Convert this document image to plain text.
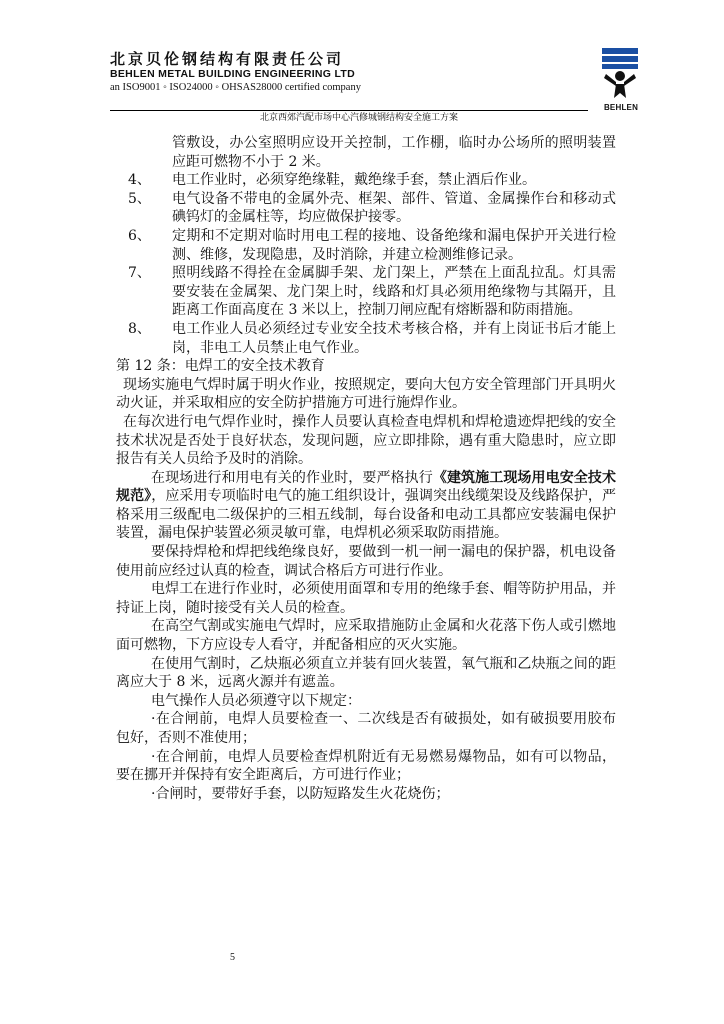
北京贝伦钢结构有限责任公司
BEHLEN METAL BUILDING ENGINEERING LTD
an ISO9001 ◦ ISO24000 ◦ OHSAS28000 certified company
BEHLEN
北京西郊汽配市场中心汽修城钢结构安全施工方案

管敷设，办公室照明应设开关控制，工作棚，临时办公场所的照明装置应距可燃物不小于 2 米。

4、	电工作业时，必须穿绝缘鞋，戴绝缘手套，禁止酒后作业。
5、	电气设备不带电的金属外壳、框架、部件、管道、金属操作台和移动式碘钨灯的金属柱等，均应做保护接零。
6、	定期和不定期对临时用电工程的接地、设备绝缘和漏电保护开关进行检测、维修，发现隐患，及时消除，并建立检测维修记录。
7、	照明线路不得拴在金属脚手架、龙门架上，严禁在上面乱拉乱。灯具需要安装在金属架、龙门架上时，线路和灯具必须用绝缘物与其隔开，且距离工作面高度在 3 米以上，控制刀闸应配有熔断器和防雨措施。
8、	电工作业人员必须经过专业安全技术考核合格，并有上岗证书后才能上岗，非电工人员禁止电气作业。

第 12 条：电焊工的安全技术教育

现场实施电气焊时属于明火作业，按照规定，要向大包方安全管理部门开具明火动火证，并采取相应的安全防护措施方可进行施焊作业。

在每次进行电气焊作业时，操作人员要认真检查电焊机和焊枪遗迹焊把线的安全技术状况是否处于良好状态，发现问题，应立即排除，遇有重大隐患时，应立即报告有关人员给予及时的消除。

在现场进行和用电有关的作业时，要严格执行《建筑施工现场用电安全技术规范》，应采用专项临时电气的施工组织设计，强调突出线缆架设及线路保护，严格采用三级配电二级保护的三相五线制，每台设备和电动工具都应安装漏电保护装置，漏电保护装置必须灵敏可靠，电焊机必须采取防雨措施。

要保持焊枪和焊把线绝缘良好，要做到一机一闸一漏电的保护器，机电设备使用前应经过认真的检查，调试合格后方可进行作业。

电焊工在进行作业时，必须使用面罩和专用的绝缘手套、帽等防护用品，并持证上岗，随时接受有关人员的检查。

在高空气割或实施电气焊时，应采取措施防止金属和火花落下伤人或引燃地面可燃物，下方应设专人看守，并配备相应的灭火实施。

在使用气割时，乙炔瓶必须直立并装有回火装置，氧气瓶和乙炔瓶之间的距离应大于 8 米，远离火源并有遮盖。

电气操作人员必须遵守以下规定：

·在合闸前，电焊人员要检查一、二次线是否有破损处，如有破损要用胶布包好，否则不准使用；

·在合闸前，电焊人员要检查焊机附近有无易燃易爆物品，如有可以物品，要在挪开并保持有安全距离后，方可进行作业；

·合闸时，要带好手套，以防短路发生火花烧伤；

5
